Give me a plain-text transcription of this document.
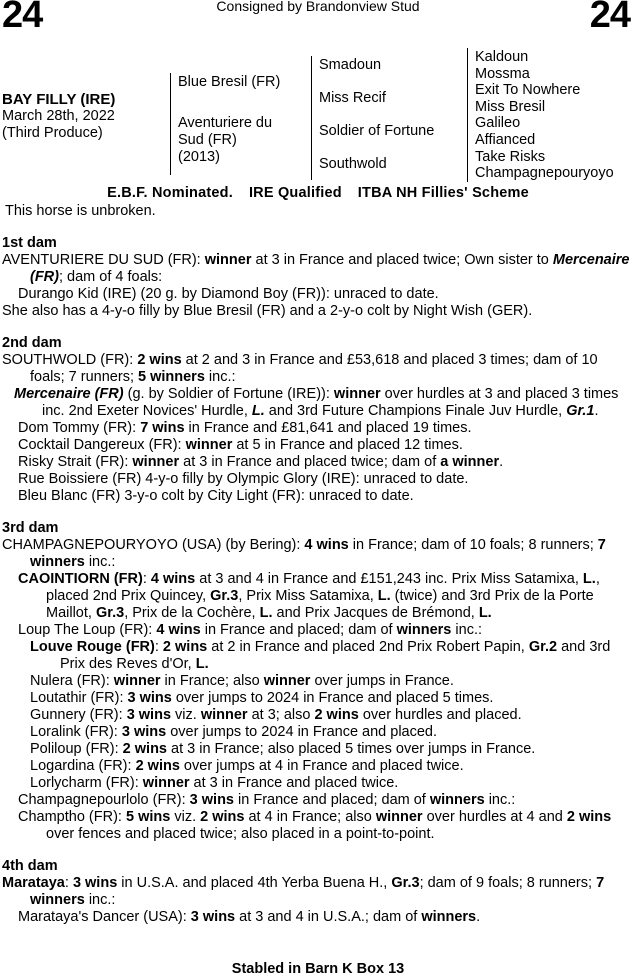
24	Consigned by Brandonview Stud	24
BAY FILLY (IRE)
March 28th, 2022
(Third Produce)
Blue Bresil (FR)
Aventuriere du
Sud (FR)
(2013)
Smadoun
Miss Recif
Soldier of Fortune
Southwold
Kaldoun
Mossma
Exit To Nowhere
Miss Bresil
Galileo
Affianced
Take Risks
Champagnepouryoyo
E.B.F. Nominated. IRE Qualified ITBA NH Fillies' Scheme
This horse is unbroken.
1st dam
AVENTURIERE DU SUD (FR): winner at 3 in France and placed twice; Own sister to Mercenaire (FR); dam of 4 foals:
Durango Kid (IRE) (20 g. by Diamond Boy (FR)): unraced to date.
She also has a 4-y-o filly by Blue Bresil (FR) and a 2-y-o colt by Night Wish (GER).
2nd dam
SOUTHWOLD (FR): 2 wins at 2 and 3 in France and £53,618 and placed 3 times; dam of 10 foals; 7 runners; 5 winners inc.:
Mercenaire (FR) (g. by Soldier of Fortune (IRE)): winner over hurdles at 3 and placed 3 times inc. 2nd Exeter Novices' Hurdle, L. and 3rd Future Champions Finale Juv Hurdle, Gr.1.
Dom Tommy (FR): 7 wins in France and £81,641 and placed 19 times.
Cocktail Dangereux (FR): winner at 5 in France and placed 12 times.
Risky Strait (FR): winner at 3 in France and placed twice; dam of a winner.
Rue Boissiere (FR) 4-y-o filly by Olympic Glory (IRE): unraced to date.
Bleu Blanc (FR) 3-y-o colt by City Light (FR): unraced to date.
3rd dam
CHAMPAGNEPOURYOYO (USA) (by Bering): 4 wins in France; dam of 10 foals; 8 runners; 7 winners inc.:
CAOINTIORN (FR): 4 wins at 3 and 4 in France and £151,243 inc. Prix Miss Satamixa, L., placed 2nd Prix Quincey, Gr.3, Prix Miss Satamixa, L. (twice) and 3rd Prix de la Porte Maillot, Gr.3, Prix de la Cochère, L. and Prix Jacques de Brémond, L.
Loup The Loup (FR): 4 wins in France and placed; dam of winners inc.:
Louve Rouge (FR): 2 wins at 2 in France and placed 2nd Prix Robert Papin, Gr.2 and 3rd Prix des Reves d'Or, L.
Nulera (FR): winner in France; also winner over jumps in France.
Loutathir (FR): 3 wins over jumps to 2024 in France and placed 5 times.
Gunnery (FR): 3 wins viz. winner at 3; also 2 wins over hurdles and placed.
Loralink (FR): 3 wins over jumps to 2024 in France and placed.
Poliloup (FR): 2 wins at 3 in France; also placed 5 times over jumps in France.
Logardina (FR): 2 wins over jumps at 4 in France and placed twice.
Lorlycharm (FR): winner at 3 in France and placed twice.
Champagnepourlolo (FR): 3 wins in France and placed; dam of winners inc.:
Champtho (FR): 5 wins viz. 2 wins at 4 in France; also winner over hurdles at 4 and 2 wins over fences and placed twice; also placed in a point-to-point.
4th dam
Marataya: 3 wins in U.S.A. and placed 4th Yerba Buena H., Gr.3; dam of 9 foals; 8 runners; 7 winners inc.:
Marataya's Dancer (USA): 3 wins at 3 and 4 in U.S.A.; dam of winners.
Stabled in Barn K Box 13
